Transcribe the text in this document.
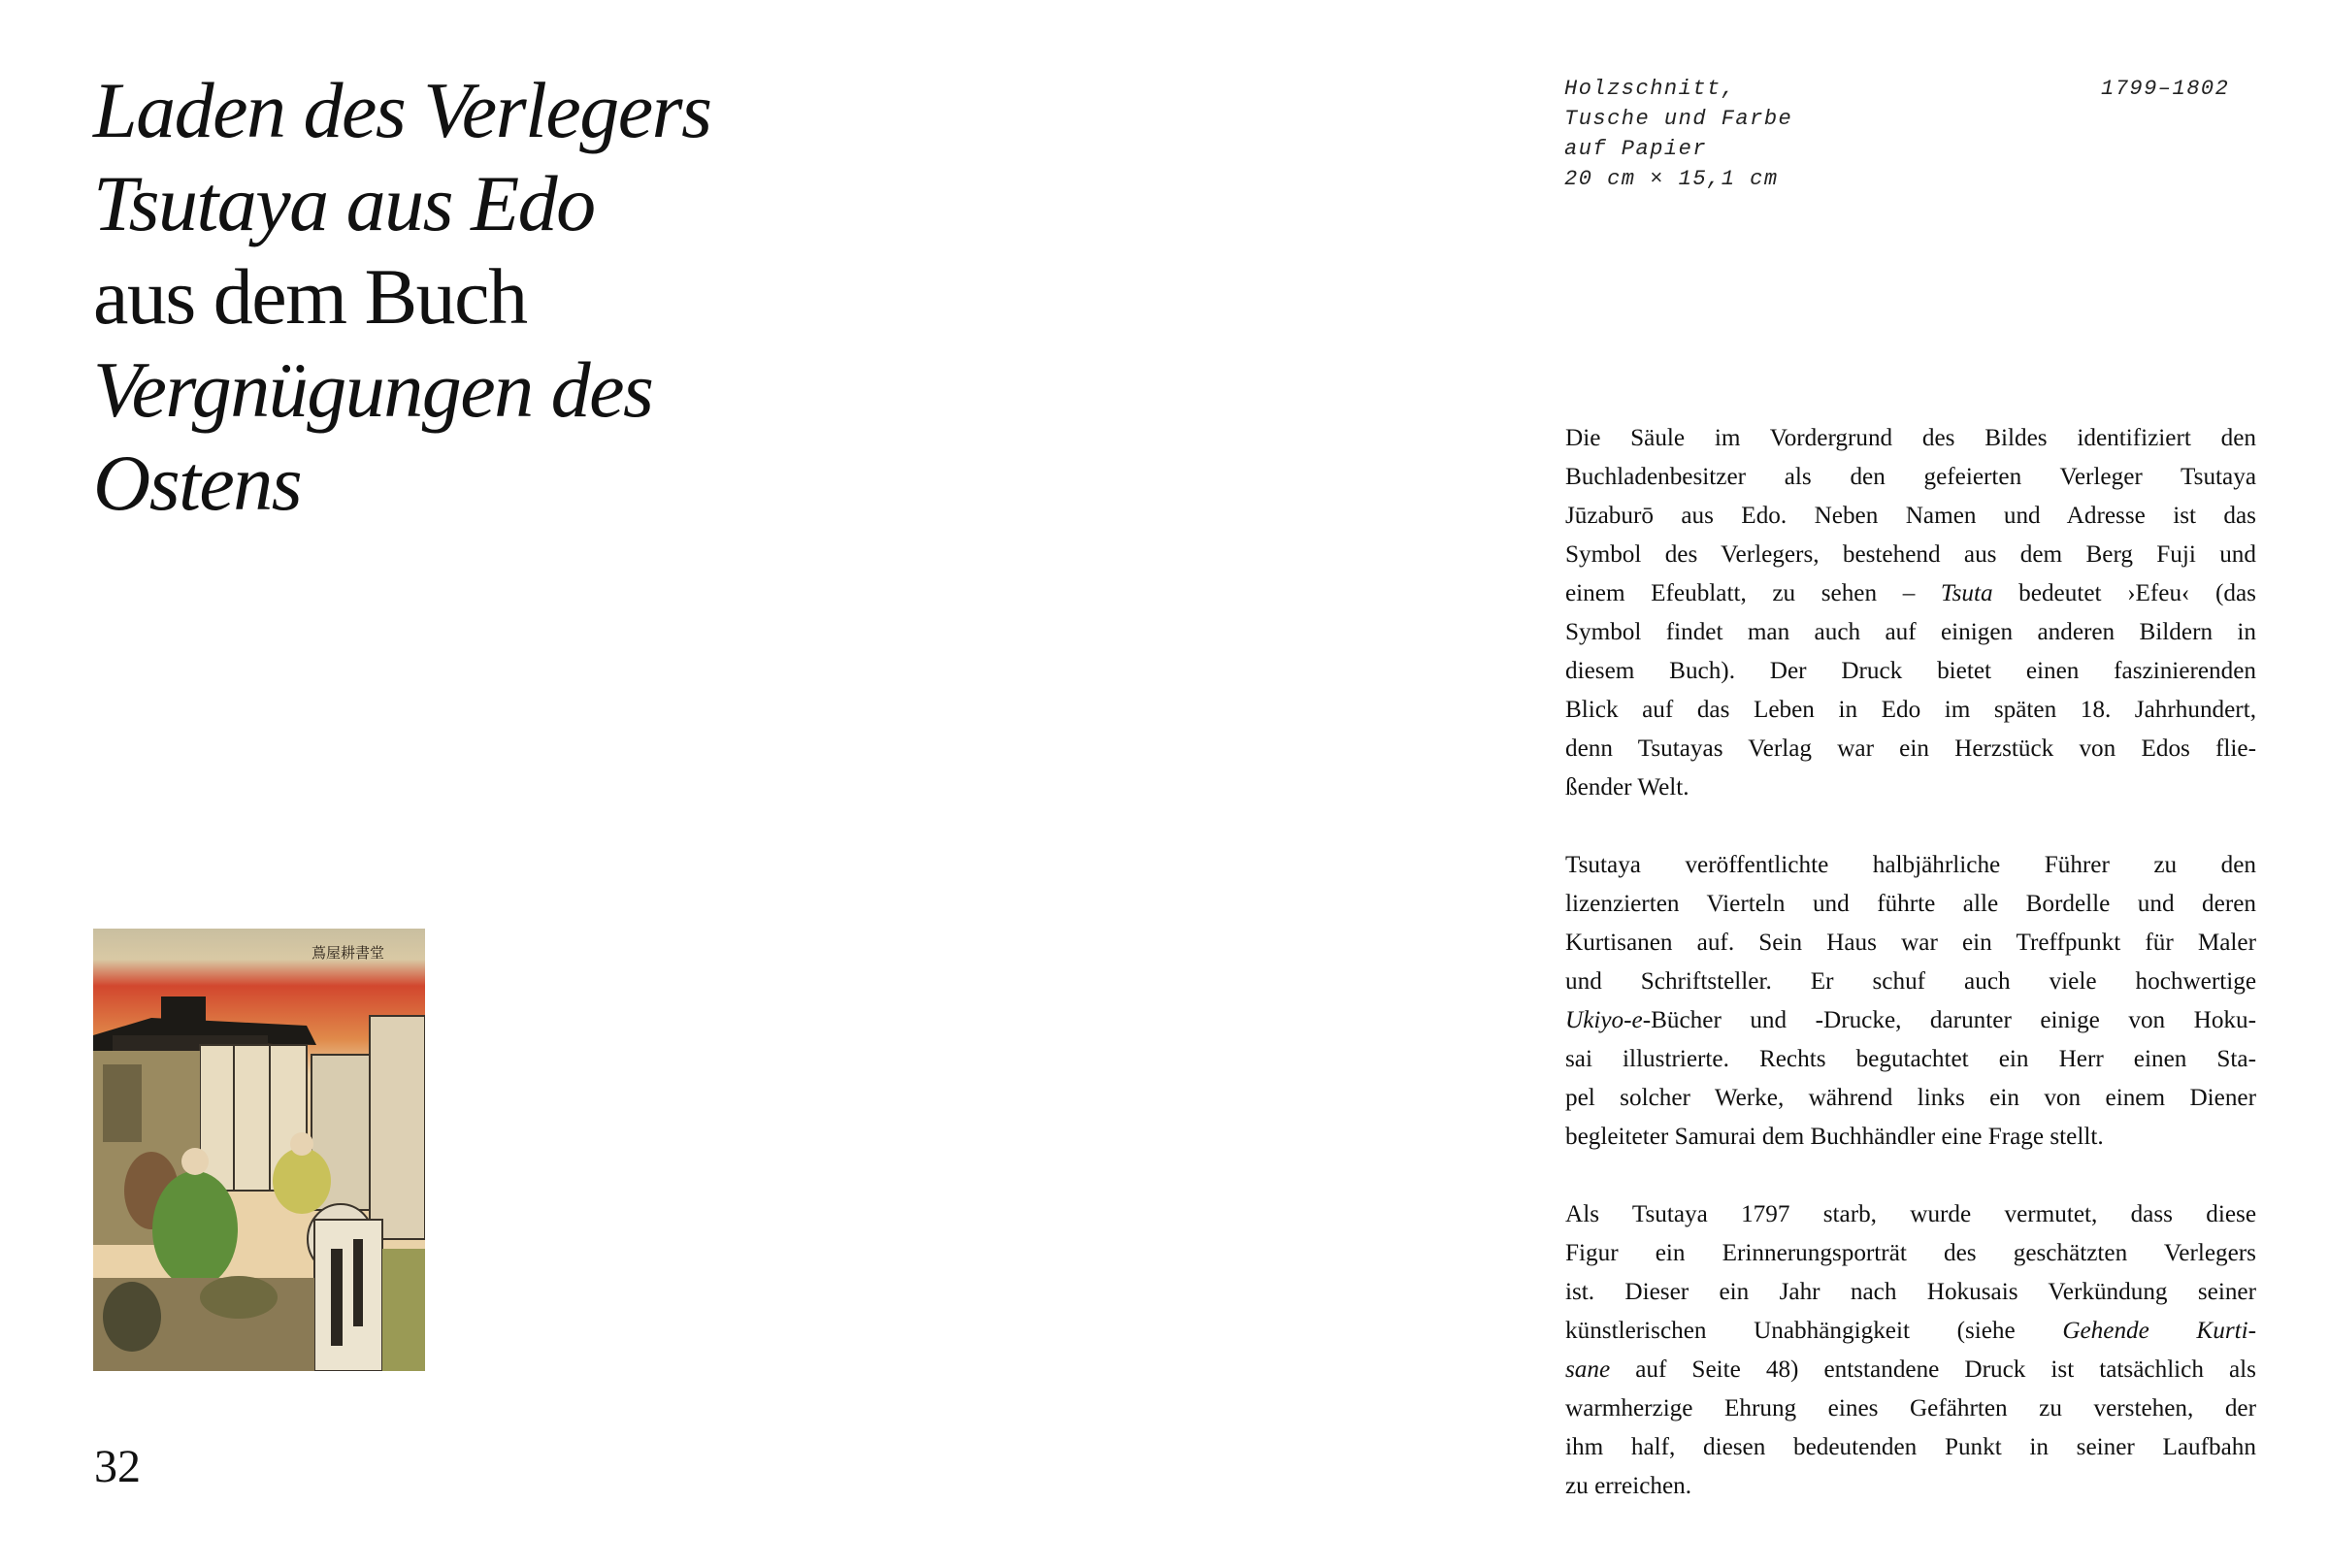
Laden des Verlegers
Tsutaya aus Edo
aus dem Buch
Vergnügungen des
Ostens
蔦屋耕書堂
32
Holzschnitt,
Tusche und Farbe
auf Papier
20 cm × 15,1 cm
1799–1802

Die Säule im Vordergrund des Bildes identifiziert den
Buchladenbesitzer als den gefeierten Verleger Tsutaya
Jūzaburō aus Edo. Neben Namen und Adresse ist das
Symbol des Verlegers, bestehend aus dem Berg Fuji und
einem Efeublatt, zu sehen – Tsuta bedeutet ›Efeu‹ (das
Symbol findet man auch auf einigen anderen Bildern in
diesem Buch). Der Druck bietet einen faszinierenden
Blick auf das Leben in Edo im späten 18. Jahrhundert,
denn Tsutayas Verlag war ein Herzstück von Edos flie-
ßender Welt.

Tsutaya veröffentlichte halbjährliche Führer zu den
lizenzierten Vierteln und führte alle Bordelle und deren
Kurtisanen auf. Sein Haus war ein Treffpunkt für Maler
und Schriftsteller. Er schuf auch viele hochwertige
Ukiyo-e-Bücher und -Drucke, darunter einige von Hoku-
sai illustrierte. Rechts begutachtet ein Herr einen Sta-
pel solcher Werke, während links ein von einem Diener
begleiteter Samurai dem Buchhändler eine Frage stellt.

Als Tsutaya 1797 starb, wurde vermutet, dass diese
Figur ein Erinnerungsporträt des geschätzten Verlegers
ist. Dieser ein Jahr nach Hokusais Verkündung seiner
künstlerischen Unabhängigkeit (siehe Gehende Kurti-
sane auf Seite 48) entstandene Druck ist tatsächlich als
warmherzige Ehrung eines Gefährten zu verstehen, der
ihm half, diesen bedeutenden Punkt in seiner Laufbahn
zu erreichen.
